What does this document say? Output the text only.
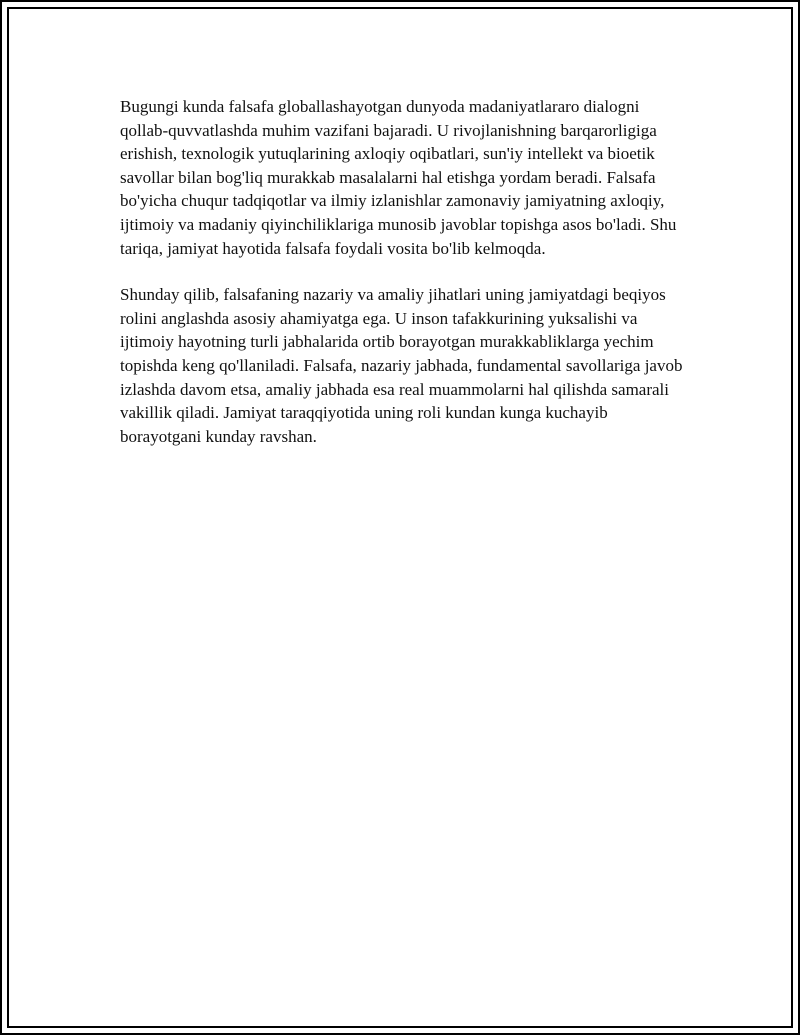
Bugungi kunda falsafa globallashayotgan dunyoda madaniyatlararo dialogni qollab-quvvatlashda muhim vazifani bajaradi. U rivojlanishning barqarorligiga erishish, texnologik yutuqlarining axloqiy oqibatlari, sun'iy intellekt va bioetik savollar bilan bog'liq murakkab masalalarni hal etishga yordam beradi. Falsafa bo'yicha chuqur tadqiqotlar va ilmiy izlanishlar zamonaviy jamiyatning axloqiy, ijtimoiy va madaniy qiyinchiliklariga munosib javoblar topishga asos bo'ladi. Shu tariqa, jamiyat hayotida falsafa foydali vosita bo'lib kelmoqda.

Shunday qilib, falsafaning nazariy va amaliy jihatlari uning jamiyatdagi beqiyos rolini anglashda asosiy ahamiyatga ega. U inson tafakkurining yuksalishi va ijtimoiy hayotning turli jabhalarida ortib borayotgan murakkabliklarga yechim topishda keng qo'llaniladi. Falsafa, nazariy jabhada, fundamental savollariga javob izlashda davom etsa, amaliy jabhada esa real muammolarni hal qilishda samarali vakillik qiladi. Jamiyat taraqqiyotida uning roli kundan kunga kuchayib borayotgani kunday ravshan.
